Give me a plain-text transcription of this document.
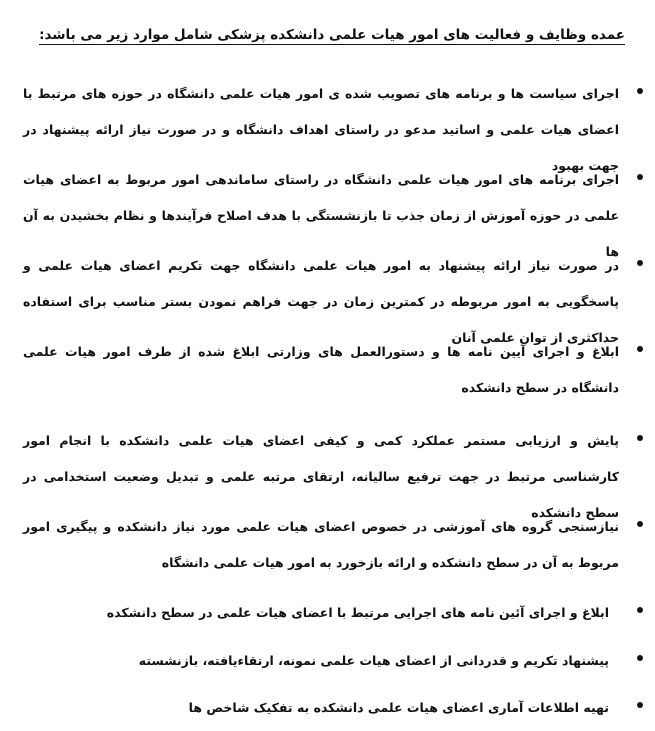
عمده وظایف و فعالیت های امور هیات علمی دانشکده پزشکی شامل موارد زیر می باشد:
اجرای سیاست ها و برنامه های تصویب شده ی امور هیات علمی دانشگاه در حوزه های مرتبط با اعضای هیات علمی و اساتید مدعو در راستای اهداف دانشگاه و در صورت نیاز ارائه پیشنهاد در جهت بهبود
اجرای برنامه های امور هیات علمی دانشگاه در راستای ساماندهی امور مربوط به اعضای هیات علمی در حوزه آموزش از زمان جذب تا بازنشستگی با هدف اصلاح فرآیندها و نظام بخشیدن به آن ها
در صورت نیاز ارائه پیشنهاد به امور هیات علمی دانشگاه جهت تکریم اعضای هیات علمی و پاسخگویی به امور مربوطه در کمترین زمان در جهت فراهم نمودن بستر مناسب برای استفاده حداکثری از توان علمی آنان
ابلاغ و اجرای آیین نامه ها و دستورالعمل های وزارتی ابلاغ شده از طرف امور هیات علمی دانشگاه در سطح دانشکده
پایش و ارزیابی مستمر عملکرد کمی و کیفی اعضای هیات علمی دانشکده با انجام امور کارشناسی مرتبط در جهت ترفیع سالیانه، ارتقای مرتبه علمی و تبدیل وضعیت استخدامی در سطح دانشکده
نیازسنجی گروه های آموزشی در خصوص اعضای هیات علمی مورد نیاز دانشکده و پیگیری امور مربوط به آن در سطح دانشکده و ارائه بازخورد به امور هیات علمی دانشگاه
ابلاغ و اجرای آئین نامه های اجرایی مرتبط با اعضای هیات علمی در سطح دانشکده
پیشنهاد تکریم و قدردانی از اعضای هیات علمی نمونه، ارتقاءیافته، بازنشسته
تهیه اطلاعات آماری اعضای هیات علمی دانشکده به تفکیک شاخص ها
